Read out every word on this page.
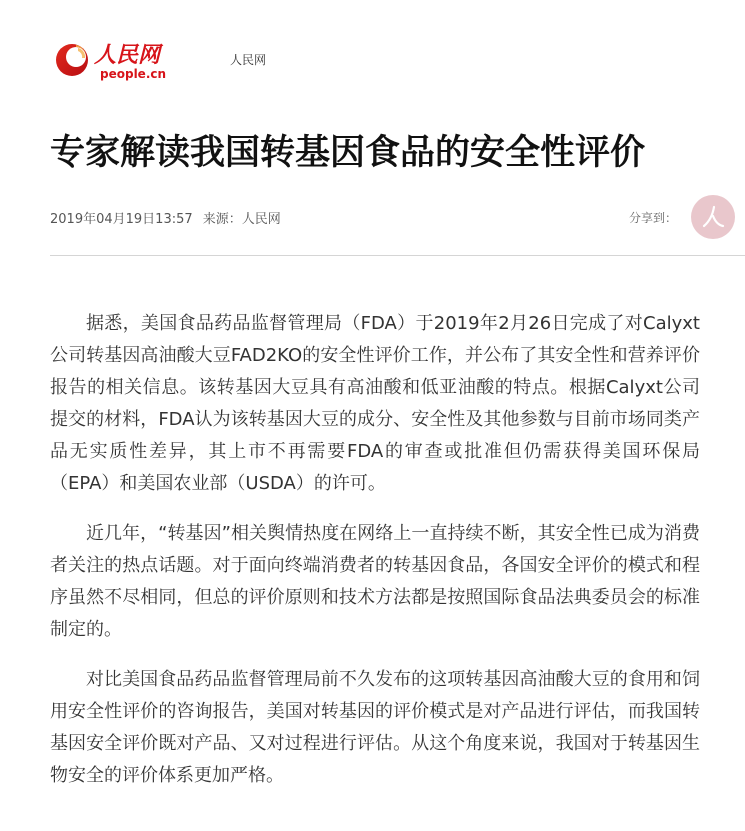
人民网
people.cn
人民网
专家解读我国转基因食品的安全性评价
2019年04月19日13:57 来源：人民网	分享到：

据悉，美国食品药品监督管理局（FDA）于2019年2月26日完成了对Calyxt公司转基因高油酸大豆FAD2KO的安全性评价工作，并公布了其安全性和营养评价报告的相关信息。该转基因大豆具有高油酸和低亚油酸的特点。根据Calyxt公司提交的材料，FDA认为该转基因大豆的成分、安全性及其他参数与目前市场同类产品无实质性差异，其上市不再需要FDA的审查或批准但仍需获得美国环保局（EPA）和美国农业部（USDA）的许可。

近几年，“转基因”相关舆情热度在网络上一直持续不断，其安全性已成为消费者关注的热点话题。对于面向终端消费者的转基因食品，各国安全评价的模式和程序虽然不尽相同，但总的评价原则和技术方法都是按照国际食品法典委员会的标准制定的。

对比美国食品药品监督管理局前不久发布的这项转基因高油酸大豆的食用和饲用安全性评价的咨询报告，美国对转基因的评价模式是对产品进行评估，而我国转基因安全评价既对产品、又对过程进行评估。从这个角度来说，我国对于转基因生物安全的评价体系更加严格。
